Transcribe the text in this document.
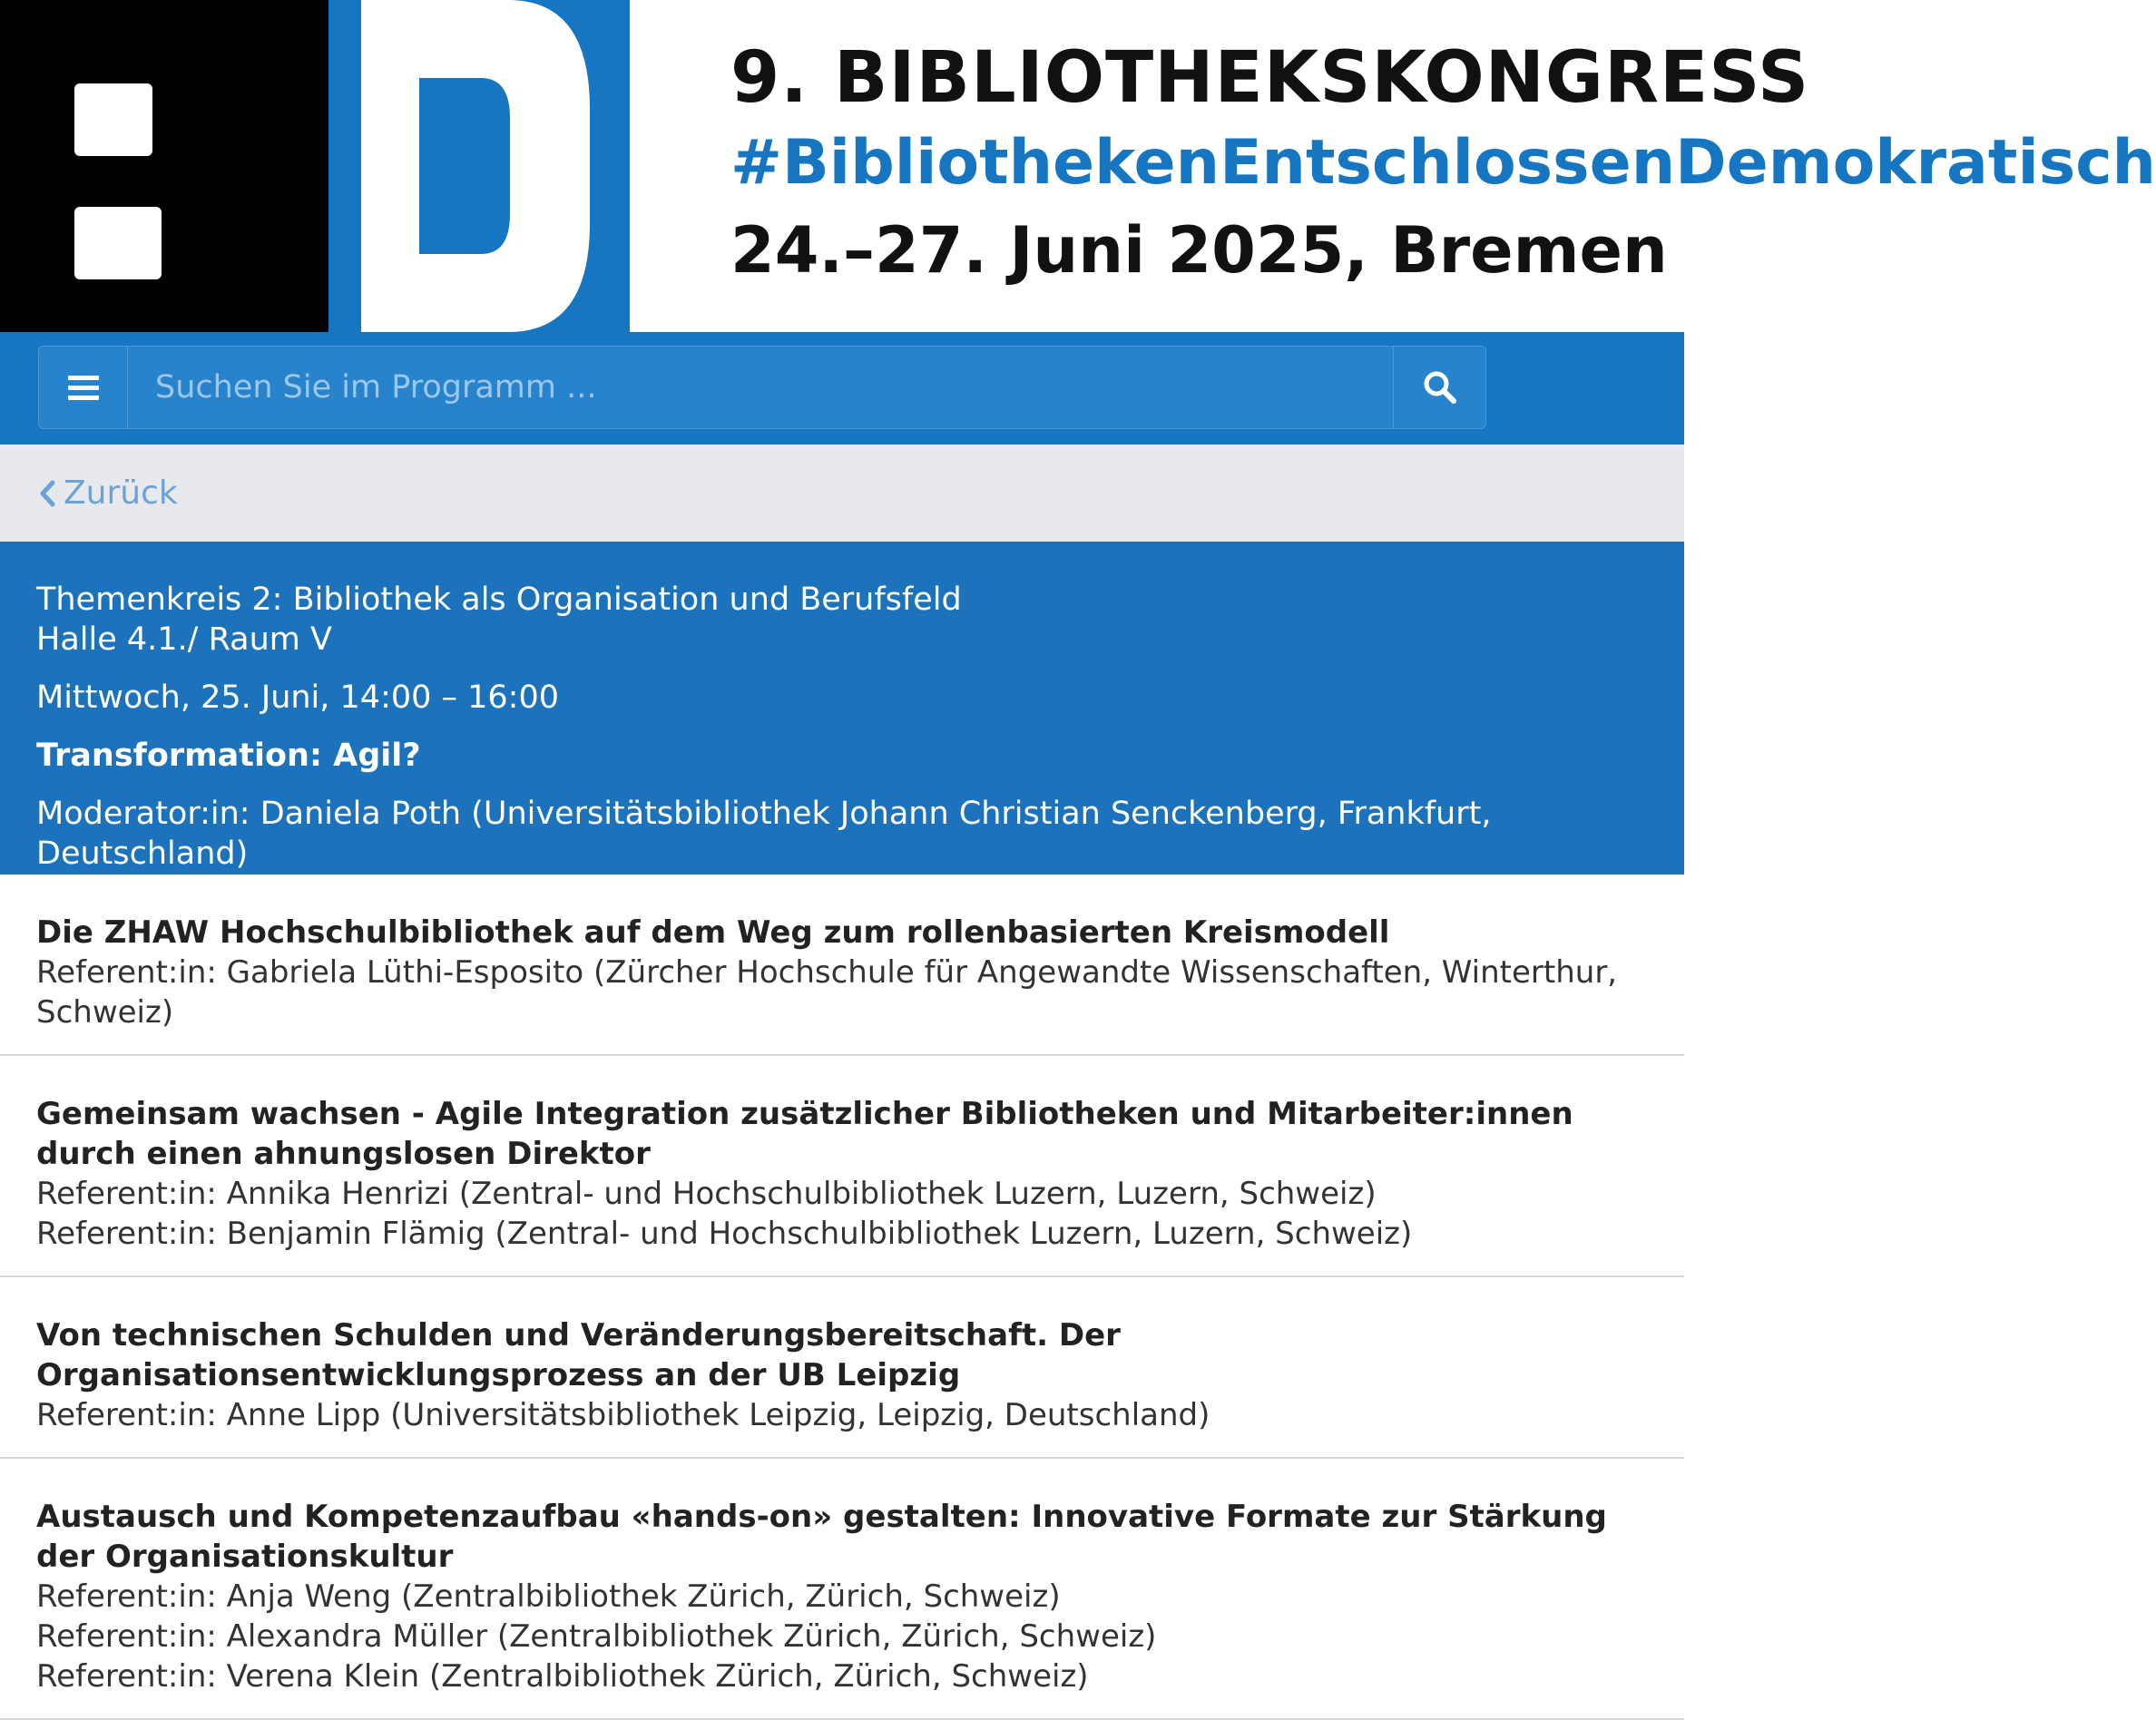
9. BIBLIOTHEKSKONGRESS
#BibliothekenEntschlossenDemokratisch
24.–27. Juni 2025, Bremen
Suchen Sie im Programm ...
Zurück
Themenkreis 2: Bibliothek als Organisation und Berufsfeld
Halle 4.1./ Raum V
Mittwoch, 25. Juni, 14:00 – 16:00
Transformation: Agil?
Moderator:in: Daniela Poth (Universitätsbibliothek Johann Christian Senckenberg, Frankfurt, Deutschland)
Die ZHAW Hochschulbibliothek auf dem Weg zum rollenbasierten Kreismodell
Referent:in: Gabriela Lüthi-Esposito (Zürcher Hochschule für Angewandte Wissenschaften, Winterthur, Schweiz)
Gemeinsam wachsen - Agile Integration zusätzlicher Bibliotheken und Mitarbeiter:innen durch einen ahnungslosen Direktor
Referent:in: Annika Henrizi (Zentral- und Hochschulbibliothek Luzern, Luzern, Schweiz)
Referent:in: Benjamin Flämig (Zentral- und Hochschulbibliothek Luzern, Luzern, Schweiz)
Von technischen Schulden und Veränderungsbereitschaft. Der Organisationsentwicklungsprozess an der UB Leipzig
Referent:in: Anne Lipp (Universitätsbibliothek Leipzig, Leipzig, Deutschland)
Austausch und Kompetenzaufbau «hands-on» gestalten: Innovative Formate zur Stärkung der Organisationskultur
Referent:in: Anja Weng (Zentralbibliothek Zürich, Zürich, Schweiz)
Referent:in: Alexandra Müller (Zentralbibliothek Zürich, Zürich, Schweiz)
Referent:in: Verena Klein (Zentralbibliothek Zürich, Zürich, Schweiz)
